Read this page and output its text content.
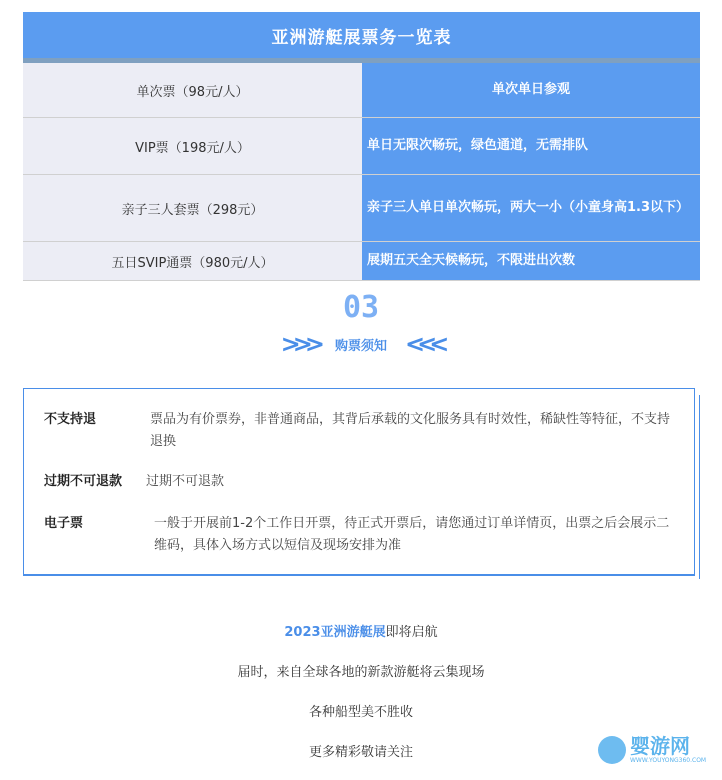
亚洲游艇展票务一览表
单次票（98元/人）	单次单日参观
VIP票（198元/人）	单日无限次畅玩，绿色通道，无需排队
亲子三人套票（298元）	亲子三人单日单次畅玩，两大一小（小童身高1.3以下）
五日SVIP通票（980元/人）	展期五天全天候畅玩，不限进出次数
03
>>> 购票须知 <<<
不支持退	票品为有价票券，非普通商品，其背后承载的文化服务具有时效性，稀缺性等特征，不支持退换
过期不可退款	过期不可退款
电子票	一般于开展前1-2个工作日开票，待正式开票后，请您通过订单详情页，出票之后会展示二维码，具体入场方式以短信及现场安排为准
2023亚洲游艇展即将启航
届时，来自全球各地的新款游艇将云集现场
各种船型美不胜收
更多精彩敬请关注	婴游网
WWW.YOUYONG360.COM
